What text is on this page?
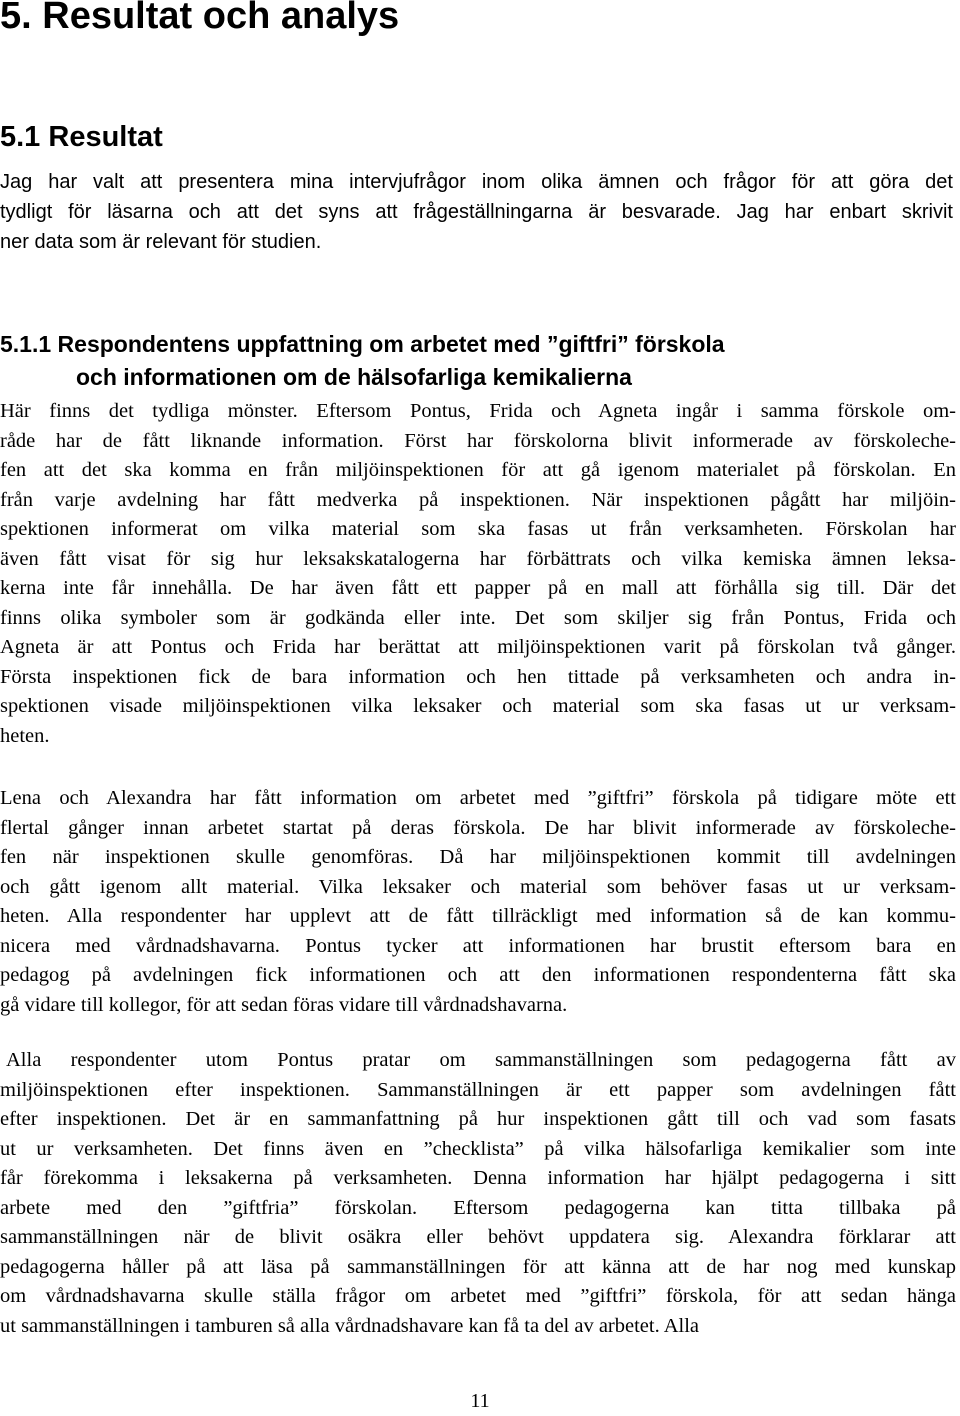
5. Resultat och analys
5.1 Resultat
Jag har valt att presentera mina intervjufrågor inom olika ämnen och frågor för att göra det
tydligt för läsarna och att det syns att frågeställningarna är besvarade. Jag har enbart skrivit
ner data som är relevant för studien.
5.1.1 Respondentens uppfattning om arbetet med ”giftfri” förskola
och informationen om de hälsofarliga kemikalierna
Här finns det tydliga mönster. Eftersom Pontus, Frida och Agneta ingår i samma förskole om-
råde har de fått liknande information. Först har förskolorna blivit informerade av förskoleche-
fen att det ska komma en från miljöinspektionen för att gå igenom materialet på förskolan. En
från varje avdelning har fått medverka på inspektionen. När inspektionen pågått har miljöin-
spektionen informerat om vilka material som ska fasas ut från verksamheten. Förskolan har
även fått visat för sig hur leksakskatalogerna har förbättrats och vilka kemiska ämnen leksa-
kerna inte får innehålla. De har även fått ett papper på en mall att förhålla sig till. Där det
finns olika symboler som är godkända eller inte. Det som skiljer sig från Pontus, Frida och
Agneta är att Pontus och Frida har berättat att miljöinspektionen varit på förskolan två gånger.
Första inspektionen fick de bara information och hen tittade på verksamheten och andra in-
spektionen visade miljöinspektionen vilka leksaker och material som ska fasas ut ur verksam-
heten.
Lena och Alexandra har fått information om arbetet med ”giftfri” förskola på tidigare möte ett
flertal gånger innan arbetet startat på deras förskola. De har blivit informerade av förskoleche-
fen när inspektionen skulle genomföras. Då har miljöinspektionen kommit till avdelningen
och gått igenom allt material. Vilka leksaker och material som behöver fasas ut ur verksam-
heten. Alla respondenter har upplevt att de fått tillräckligt med information så de kan kommu-
nicera med vårdnadshavarna. Pontus tycker att informationen har brustit eftersom bara en
pedagog på avdelningen fick informationen och att den informationen respondenterna fått ska
gå vidare till kollegor, för att sedan föras vidare till vårdnadshavarna.
Alla respondenter utom Pontus pratar om sammanställningen som pedagogerna fått av
miljöinspektionen efter inspektionen. Sammanställningen är ett papper som avdelningen fått
efter inspektionen. Det är en sammanfattning på hur inspektionen gått till och vad som fasats
ut ur verksamheten. Det finns även en ”checklista” på vilka hälsofarliga kemikalier som inte
får förekomma i leksakerna på verksamheten. Denna information har hjälpt pedagogerna i sitt
arbete med den ”giftfria” förskolan. Eftersom pedagogerna kan titta tillbaka på
sammanställningen när de blivit osäkra eller behövt uppdatera sig. Alexandra förklarar att
pedagogerna håller på att läsa på sammanställningen för att känna att de har nog med kunskap
om vårdnadshavarna skulle ställa frågor om arbetet med ”giftfri” förskola, för att sedan hänga
ut sammanställningen i tamburen så alla vårdnadshavare kan få ta del av arbetet. Alla

11
